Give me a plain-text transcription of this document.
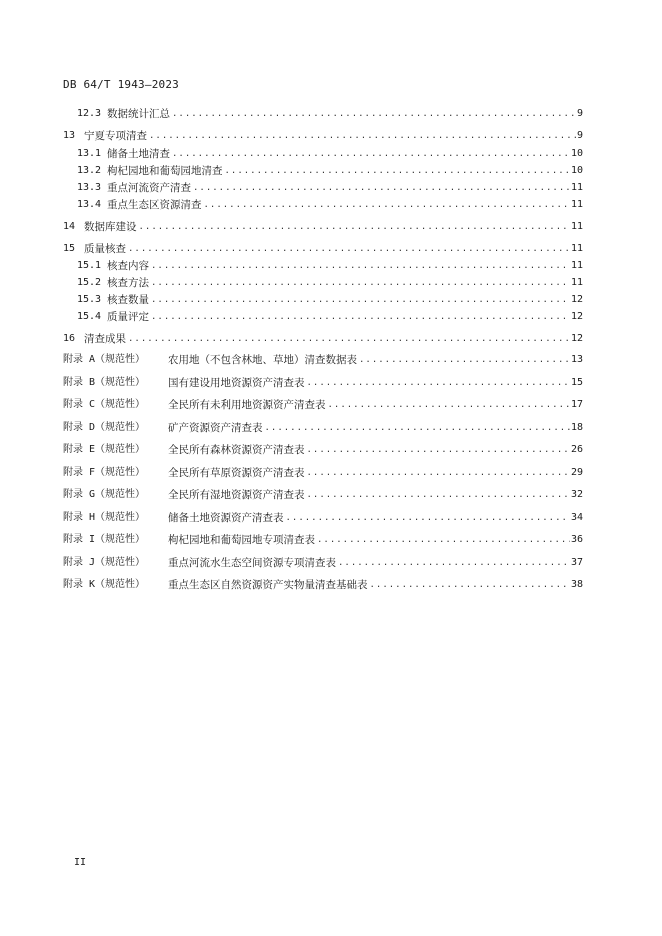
DB 64/T 1943—2023
12.3 数据统计汇总 .....	9
13 宁夏专项清查 .....	9
13.1 储备土地清查 .....	10
13.2 枸杞园地和葡萄园地清查 .....	10
13.3 重点河流资产清查 .....	11
13.4 重点生态区资源清查 .....	11
14 数据库建设 .....	11
15 质量核查 .....	11
15.1 核查内容 .....	11
15.2 核查方法 .....	11
15.3 核查数量 .....	12
15.4 质量评定 .....	12
16 清查成果 .....	12
附录 A（规范性）	农用地（不包含林地、草地）清查数据表 .....	13
附录 B（规范性）	国有建设用地资源资产清查表 .....	15
附录 C（规范性）	全民所有未利用地资源资产清查表 .....	17
附录 D（规范性）	矿产资源资产清查表 .....	18
附录 E（规范性）	全民所有森林资源资产清查表 .....	26
附录 F（规范性）	全民所有草原资源资产清查表 .....	29
附录 G（规范性）	全民所有湿地资源资产清查表 .....	32
附录 H（规范性）	储备土地资源资产清查表 .....	34
附录 I（规范性）	枸杞园地和葡萄园地专项清查表 .....	36
附录 J（规范性）	重点河流水生态空间资源专项清查表 .....	37
附录 K（规范性）	重点生态区自然资源资产实物量清查基础表 .....	38
II
